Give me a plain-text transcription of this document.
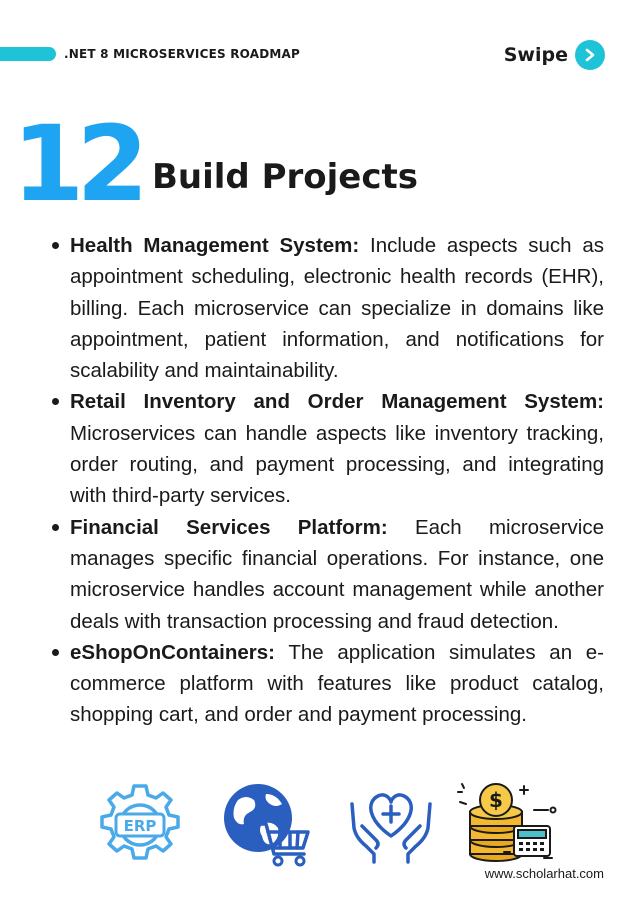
.NET 8 MICROSERVICES ROADMAP	Swipe
12 Build Projects
Health Management System: Include aspects such as appointment scheduling, electronic health records (EHR), billing. Each microservice can specialize in domains like appointment, patient information, and notifications for scalability and maintainability.
Retail Inventory and Order Management System: Microservices can handle aspects like inventory tracking, order routing, and payment processing, and integrating with third-party services.
Financial Services Platform: Each microservice manages specific financial operations. For instance, one microservice handles account management while another deals with transaction processing and fraud detection.
eShopOnContainers: The application simulates an e-commerce platform with features like product catalog, shopping cart, and order and payment processing.
ERP
$
www.scholarhat.com
